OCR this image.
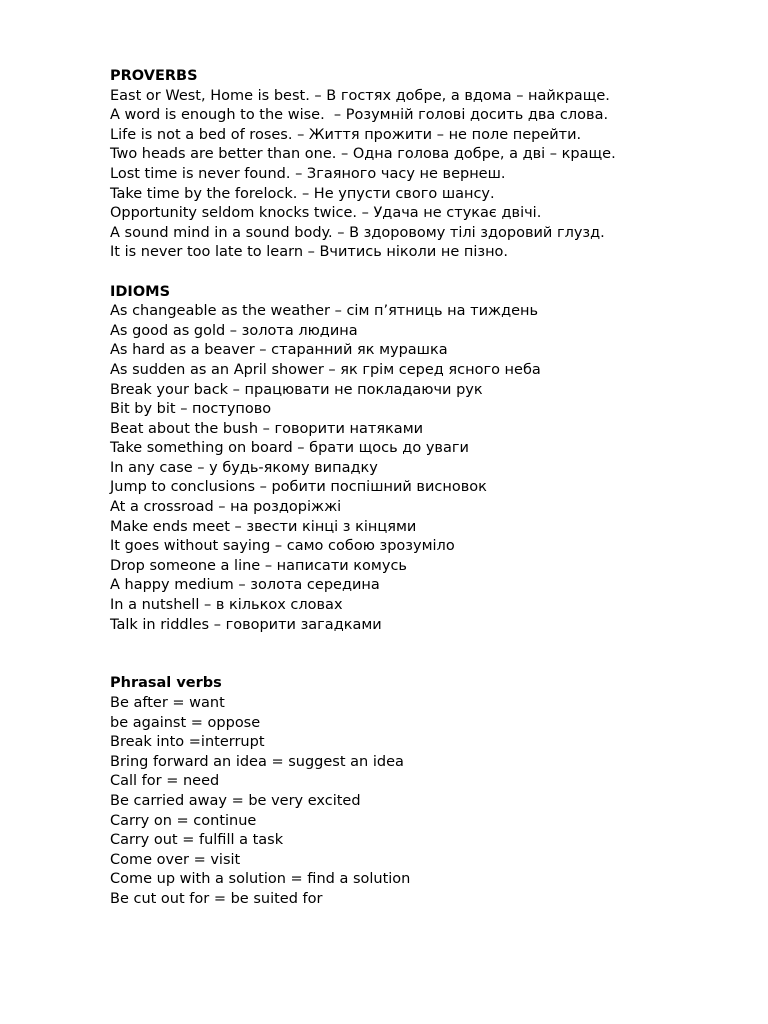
PROVERBS
East or West, Home is best. – В гостях добре, а вдома – найкраще.
A word is enough to the wise.  – Розумній голові досить два слова.
Life is not a bed of roses. – Життя прожити – не поле перейти.
Two heads are better than one. – Одна голова добре, а дві – краще.
Lost time is never found. – Згаяного часу не вернеш.
Take time by the forelock. – Не упусти свого шансу.
Opportunity seldom knocks twice. – Удача не стукає двічі.
A sound mind in a sound body. – В здоровому тілі здоровий глузд.
It is never too late to learn – Вчитись ніколи не пізно.
IDIOMS
As changeable as the weather – сім п’ятниць на тиждень
As good as gold – золота людина
As hard as a beaver – старанний як мурашка
As sudden as an April shower – як грім серед ясного неба
Break your back – працювати не покладаючи рук
Bit by bit – поступово
Beat about the bush – говорити натяками
Take something on board – брати щось до уваги
In any case – у будь-якому випадку
Jump to conclusions – робити поспішний висновок
At a crossroad – на роздоріжжі
Make ends meet – звести кінці з кінцями
It goes without saying – само собою зрозуміло
Drop someone a line – написати комусь
A happy medium – золота середина
In a nutshell – в кількох словах
Talk in riddles – говорити загадками
Phrasal verbs
Be after = want
be against = oppose
Break into =interrupt
Bring forward an idea = suggest an idea
Call for = need
Be carried away = be very excited
Carry on = continue
Carry out = fulfill a task
Come over = visit
Come up with a solution = find a solution
Be cut out for = be suited for
